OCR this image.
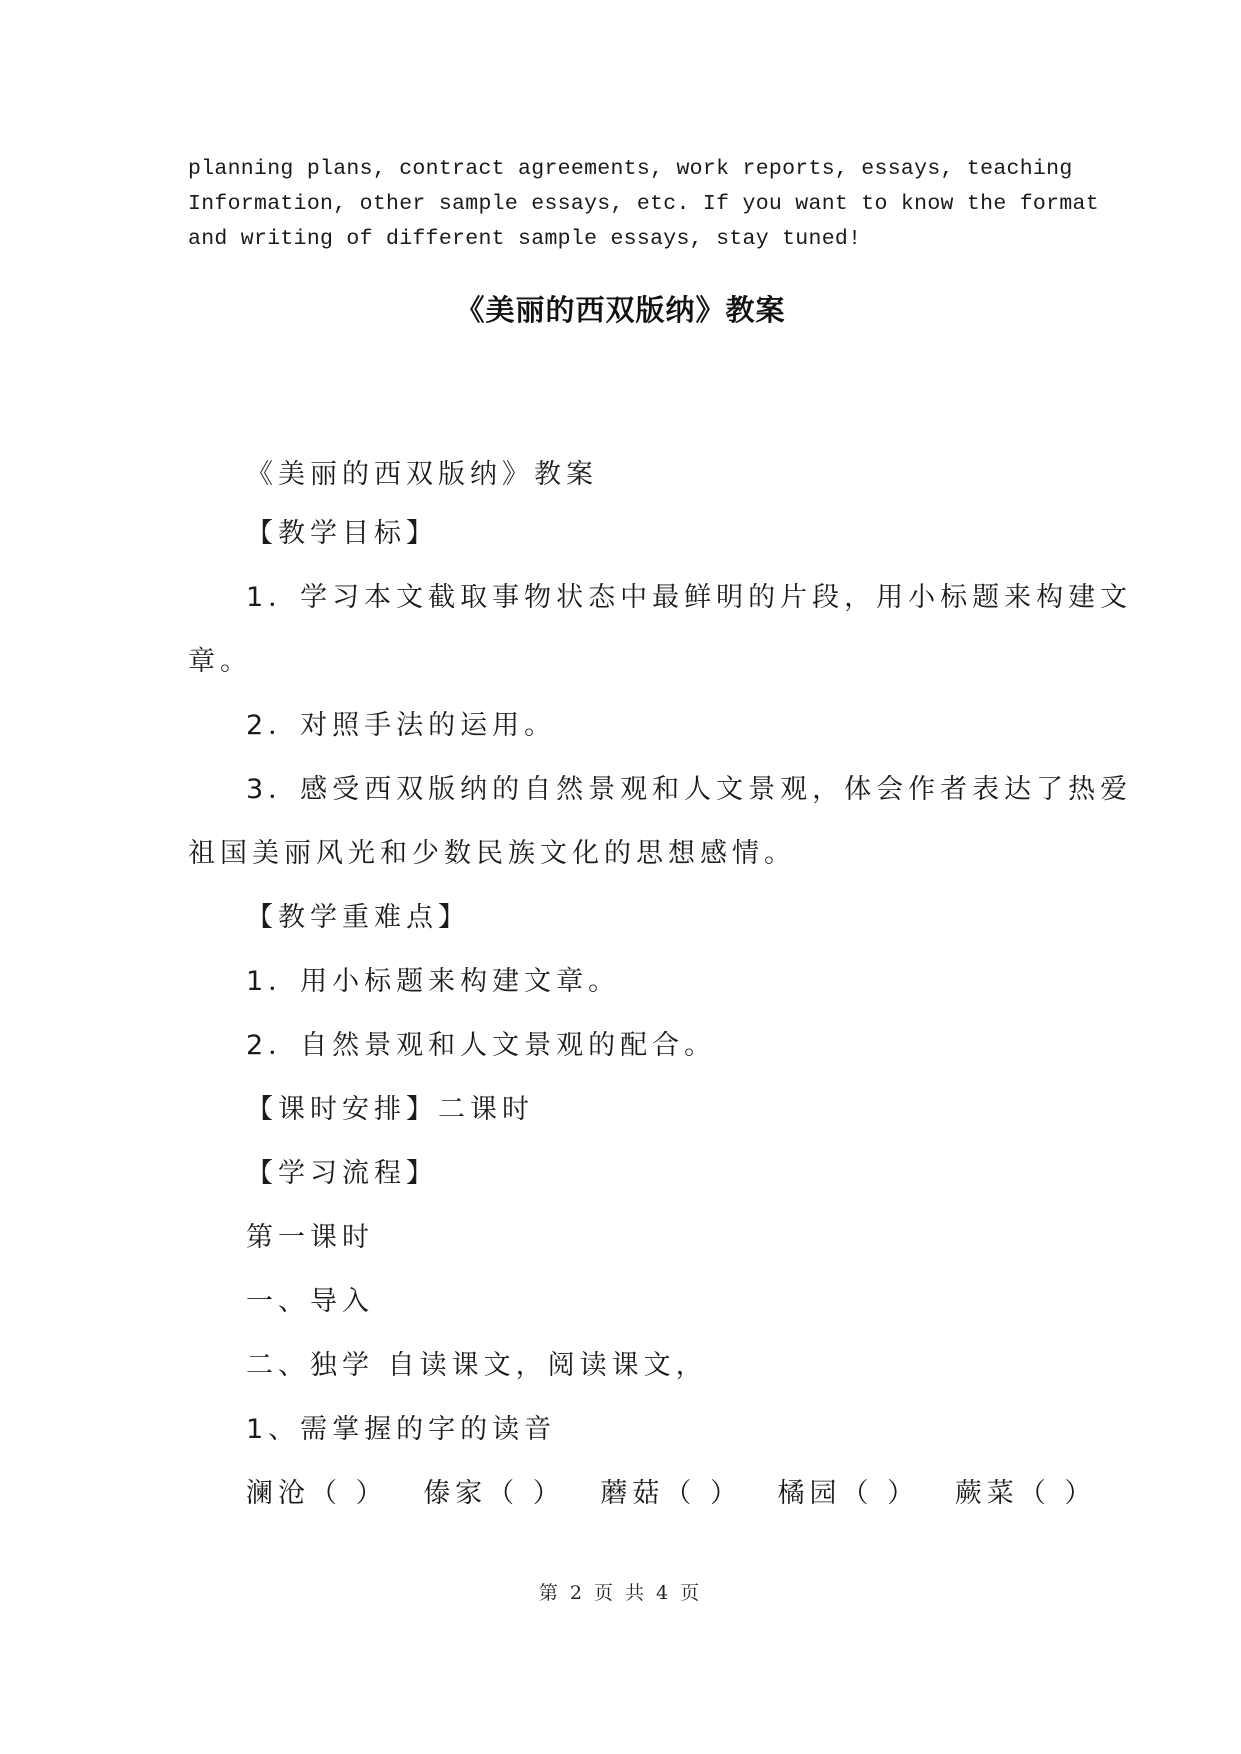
planning plans, contract agreements, work reports, essays, teaching
Information, other sample essays, etc. If you want to know the format
and writing of different sample essays, stay tuned!
《美丽的西双版纳》教案
《美丽的西双版纳》教案
【教学目标】
1．学习本文截取事物状态中最鲜明的片段，用小标题来构建文
章。
2．对照手法的运用。
3．感受西双版纳的自然景观和人文景观，体会作者表达了热爱
祖国美丽风光和少数民族文化的思想感情。
【教学重难点】
1．用小标题来构建文章。
2．自然景观和人文景观的配合。
【课时安排】二课时
【学习流程】
第一课时
一、导入
二、独学 自读课文，阅读课文，
1、需掌握的字的读音
澜沧（ ） 傣家（ ） 蘑菇（ ） 橘园（ ） 蕨菜（ ）
第 2 页 共 4 页
